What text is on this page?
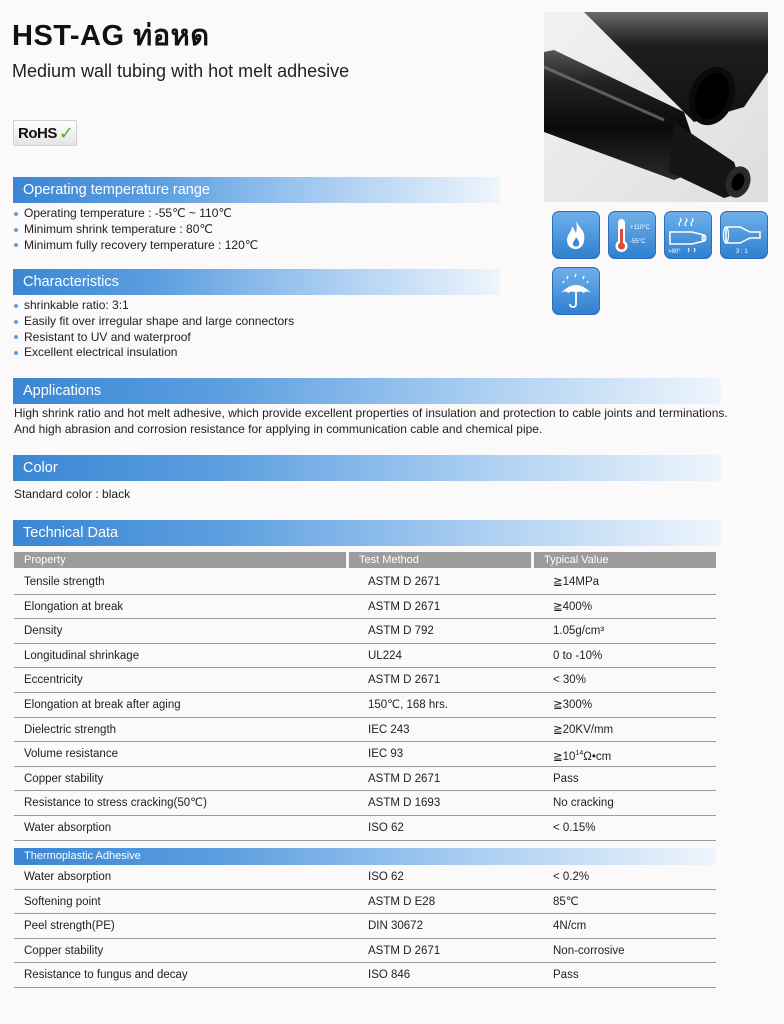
HST-AG ท่อหด
Medium wall tubing with hot melt adhesive
RoHS ✓
+110°C
-55°C
>80°	3 : 1
Operating temperature range
Operating temperature : -55℃ ~ 110℃
Minimum shrink temperature : 80℃
Minimum fully recovery temperature : 120℃
Characteristics
shrinkable ratio: 3:1
Easily fit over irregular shape and large connectors
Resistant to UV and waterproof
Excellent electrical insulation
Applications
High shrink ratio and hot melt adhesive, which provide excellent properties of insulation and protection to cable joints and terminations.
And high abrasion and corrosion resistance for applying in communication cable and chemical pipe.
Color
Standard color : black
Technical Data
Property	Test Method	Typical Value
Tensile strength	ASTM D 2671	≧14MPa
Elongation at break	ASTM D 2671	≧400%
Density	ASTM D 792	1.05g/cm³
Longitudinal shrinkage	UL224	0 to -10%
Eccentricity	ASTM D 2671	< 30%
Elongation at break after aging	150℃, 168 hrs.	≧300%
Dielectric strength	IEC 243	≧20KV/mm
Volume resistance	IEC 93	$≧10^{14}\Omega•cm$
Copper stability	ASTM D 2671	Pass
Resistance to stress cracking(50℃)	ASTM D 1693	No cracking
Water absorption	ISO 62	< 0.15%
Thermoplastic Adhesive
Water absorption	ISO 62	< 0.2%
Softening point	ASTM D E28	85℃
Peel strength(PE)	DIN 30672	4N/cm
Copper stability	ASTM D 2671	Non-corrosive
Resistance to fungus and decay	ISO 846	Pass
